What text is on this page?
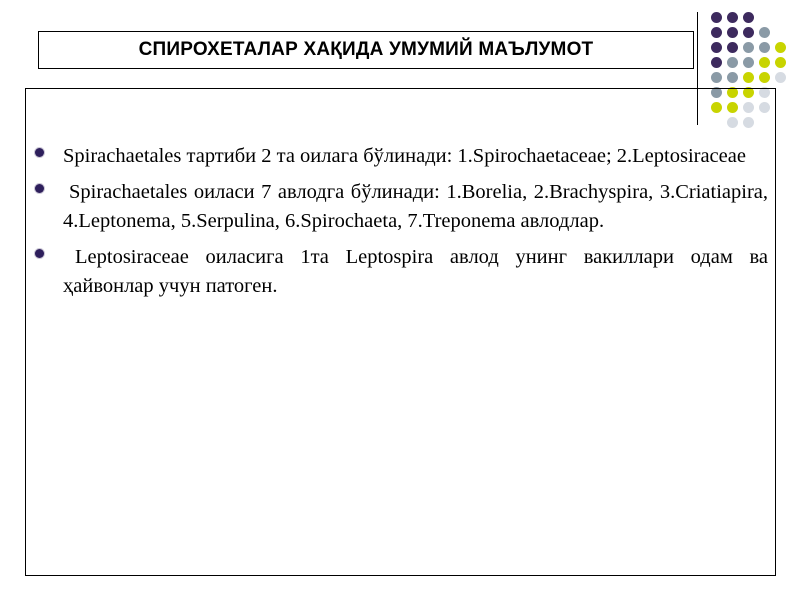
СПИРОХЕТАЛАР ХАҚИДА УМУМИЙ МАЪЛУМОТ
Spirachaetales тартиби 2 та оилага бўлинади: 1.Spirochaetaceae; 2.Leptosiraceae
Spirachaetales оиласи 7 авлодга бўлинади: 1.Borelia, 2.Brachyspira, 3.Criatiapira, 4.Leptonema, 5.Serpulina, 6.Spirochaeta, 7.Treponema авлодлар.
Leptosiraceae оиласига 1та Leptospira авлод унинг вакиллари одам ва ҳайвонлар учун патоген.
